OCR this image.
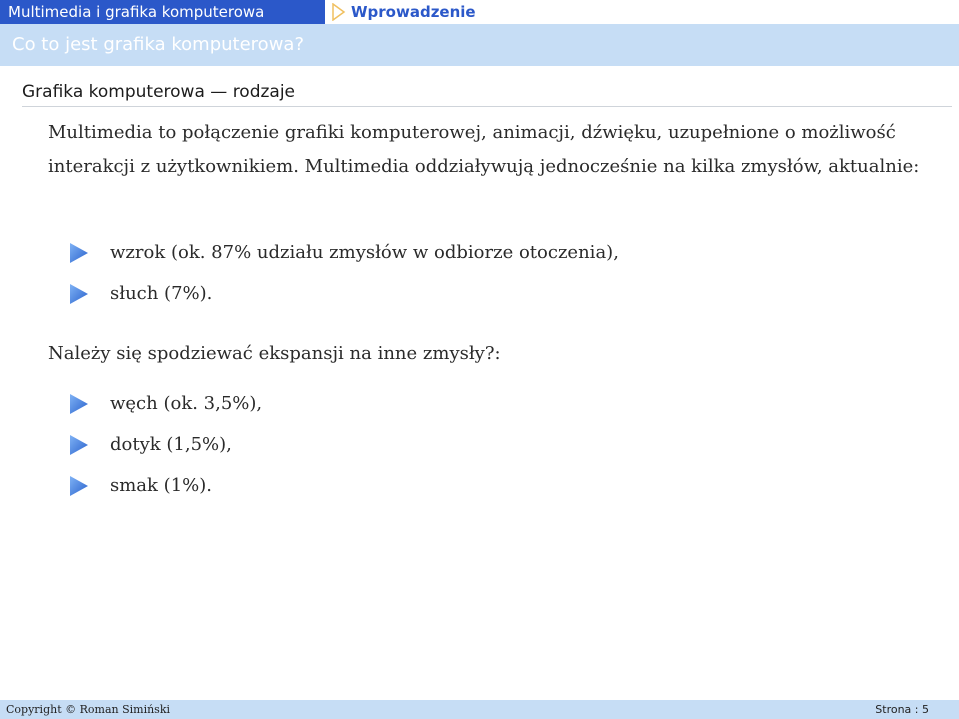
Multimedia i grafika komputerowa	Wprowadzenie
Co to jest grafika komputerowa?
Grafika komputerowa — rodzaje
Multimedia to połączenie grafiki komputerowej, animacji, dźwięku, uzupełnione o możliwość interakcji z użytkownikiem. Multimedia oddziaływują jednocześnie na kilka zmysłów, aktualnie:
wzrok (ok. 87% udziału zmysłów w odbiorze otoczenia),
słuch (7%).
Należy się spodziewać ekspansji na inne zmysły?:
węch (ok. 3,5%),
dotyk (1,5%),
smak (1%).
Copyright © Roman Simiński	Strona : 5
